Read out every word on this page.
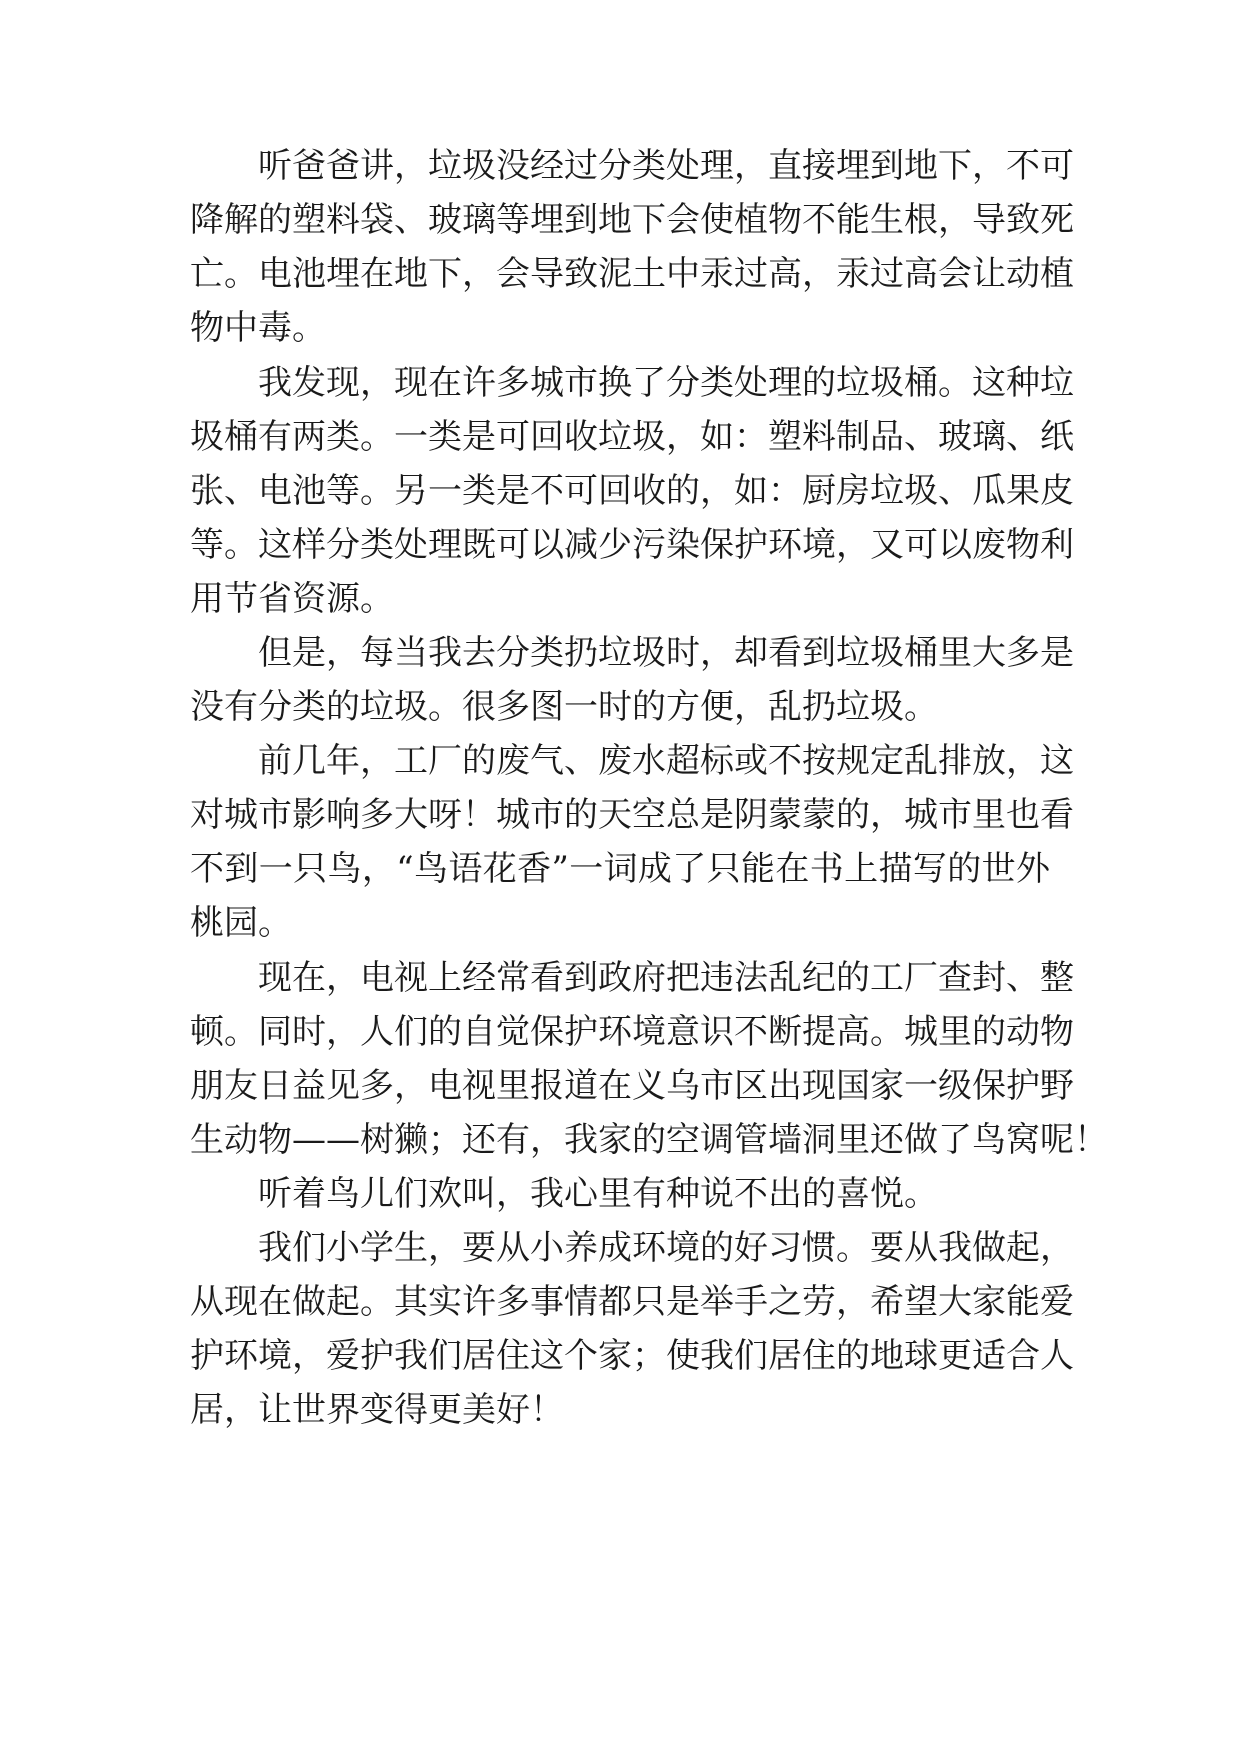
听爸爸讲，垃圾没经过分类处理，直接埋到地下，不可
降解的塑料袋、玻璃等埋到地下会使植物不能生根，导致死
亡。电池埋在地下，会导致泥土中汞过高，汞过高会让动植
物中毒。
我发现，现在许多城市换了分类处理的垃圾桶。这种垃
圾桶有两类。一类是可回收垃圾，如：塑料制品、玻璃、纸
张、电池等。另一类是不可回收的，如：厨房垃圾、瓜果皮
等。这样分类处理既可以减少污染保护环境，又可以废物利
用节省资源。
但是，每当我去分类扔垃圾时，却看到垃圾桶里大多是
没有分类的垃圾。很多图一时的方便，乱扔垃圾。
前几年，工厂的废气、废水超标或不按规定乱排放，这
对城市影响多大呀！城市的天空总是阴蒙蒙的，城市里也看
不到一只鸟，“鸟语花香”一词成了只能在书上描写的世外
桃园。
现在，电视上经常看到政府把违法乱纪的工厂查封、整
顿。同时，人们的自觉保护环境意识不断提高。城里的动物
朋友日益见多，电视里报道在义乌市区出现国家一级保护野
生动物——树獭；还有，我家的空调管墙洞里还做了鸟窝呢！
听着鸟儿们欢叫，我心里有种说不出的喜悦。
我们小学生，要从小养成环境的好习惯。要从我做起，
从现在做起。其实许多事情都只是举手之劳，希望大家能爱
护环境，爱护我们居住这个家；使我们居住的地球更适合人
居，让世界变得更美好！
